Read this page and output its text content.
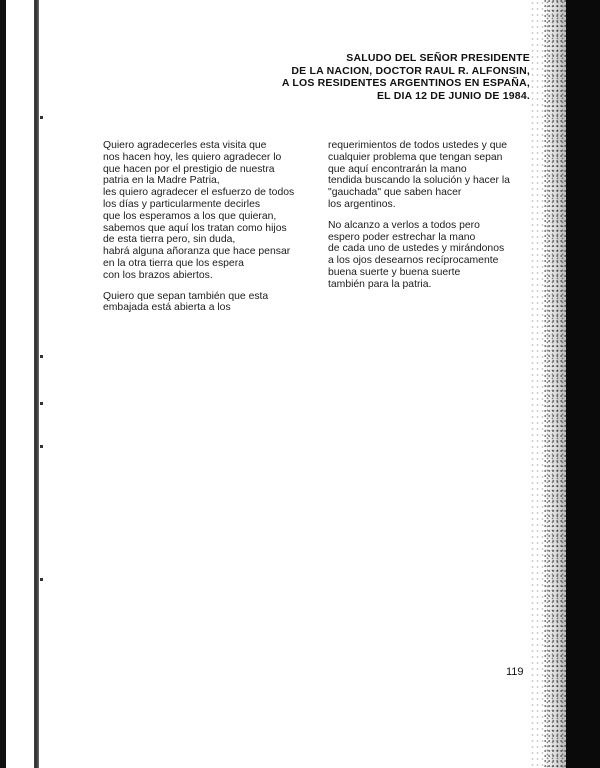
SALUDO DEL SEÑOR PRESIDENTE
DE LA NACION, DOCTOR RAUL R. ALFONSIN,
A LOS RESIDENTES ARGENTINOS EN ESPAÑA,
EL DIA 12 DE JUNIO DE 1984.
Quiero agradecerles esta visita que
nos hacen hoy, les quiero agradecer lo
que hacen por el prestigio de nuestra
patria en la Madre Patria,
les quiero agradecer el esfuerzo de todos
los días y particularmente decirles
que los esperamos a los que quieran,
sabemos que aquí los tratan como hijos
de esta tierra pero, sin duda,
habrá alguna añoranza que hace pensar
en la otra tierra que los espera
con los brazos abiertos.
Quiero que sepan también que esta
embajada está abierta a los
requerimientos de todos ustedes y que
cualquier problema que tengan sepan
que aquí encontrarán la mano
tendida buscando la solución y hacer la
"gauchada" que saben hacer
los argentinos.
No alcanzo a verlos a todos pero
espero poder estrechar la mano
de cada uno de ustedes y mirándonos
a los ojos desearnos recíprocamente
buena suerte y buena suerte
también para la patria.
119
